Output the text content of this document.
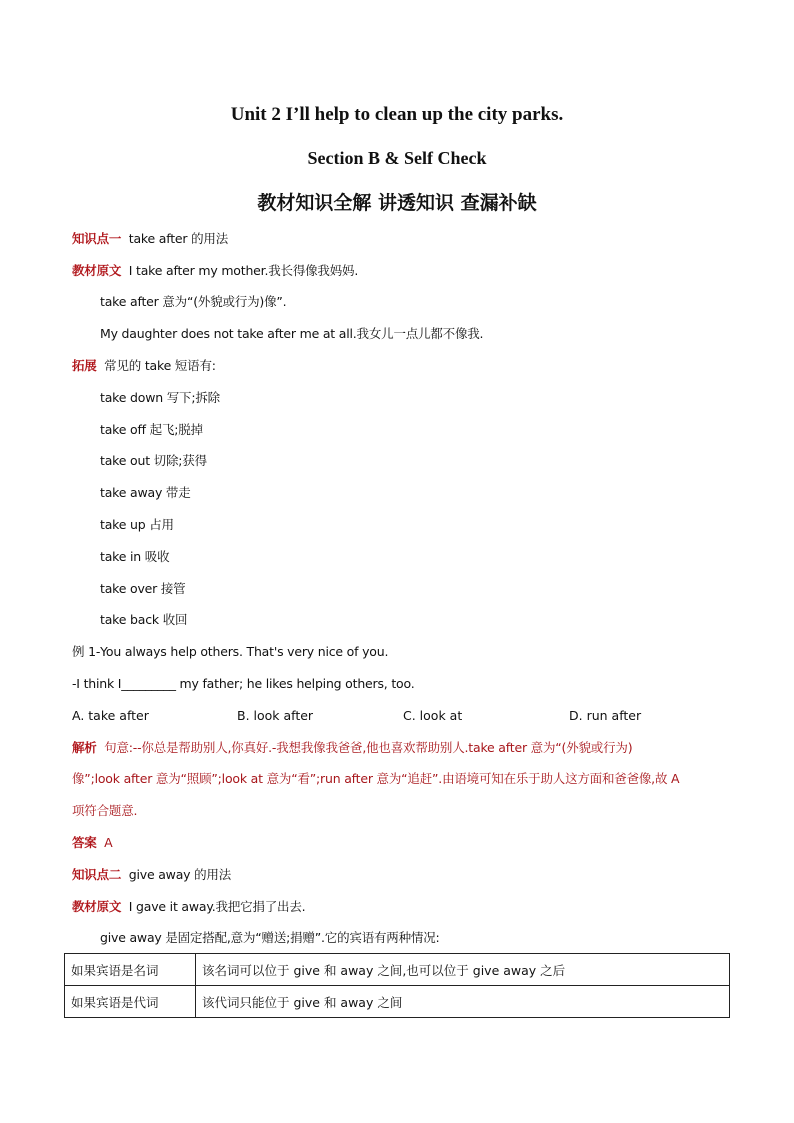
Unit 2 I’ll help to clean up the city parks.
Section B & Self Check
教材知识全解 讲透知识 查漏补缺
知识点一 take after 的用法
教材原文 I take after my mother.我长得像我妈妈.
take after 意为“(外貌或行为)像”.
My daughter does not take after me at all.我女儿一点儿都不像我.
拓展 常见的 take 短语有:
take down 写下;拆除
take off 起飞;脱掉
take out 切除;获得
take away 带走
take up 占用
take in 吸收
take over 接管
take back 收回
例 1-You always help others. That's very nice of you.
-I think I_________ my father; he likes helping others, too.
A. take after	B. look after	C. look at	D. run after
解析 句意:--你总是帮助别人,你真好.-我想我像我爸爸,他也喜欢帮助别人.take after 意为“(外貌或行为)
像”;look after 意为“照顾”;look at 意为“看”;run after 意为“追赶”.由语境可知在乐于助人这方面和爸爸像,故 A
项符合题意.
答案 A
知识点二 give away 的用法
教材原文 I gave it away.我把它捐了出去.
give away 是固定搭配,意为“赠送;捐赠”.它的宾语有两种情况:
如果宾语是名词	该名词可以位于 give 和 away 之间,也可以位于 give away 之后
如果宾语是代词	该代词只能位于 give 和 away 之间
